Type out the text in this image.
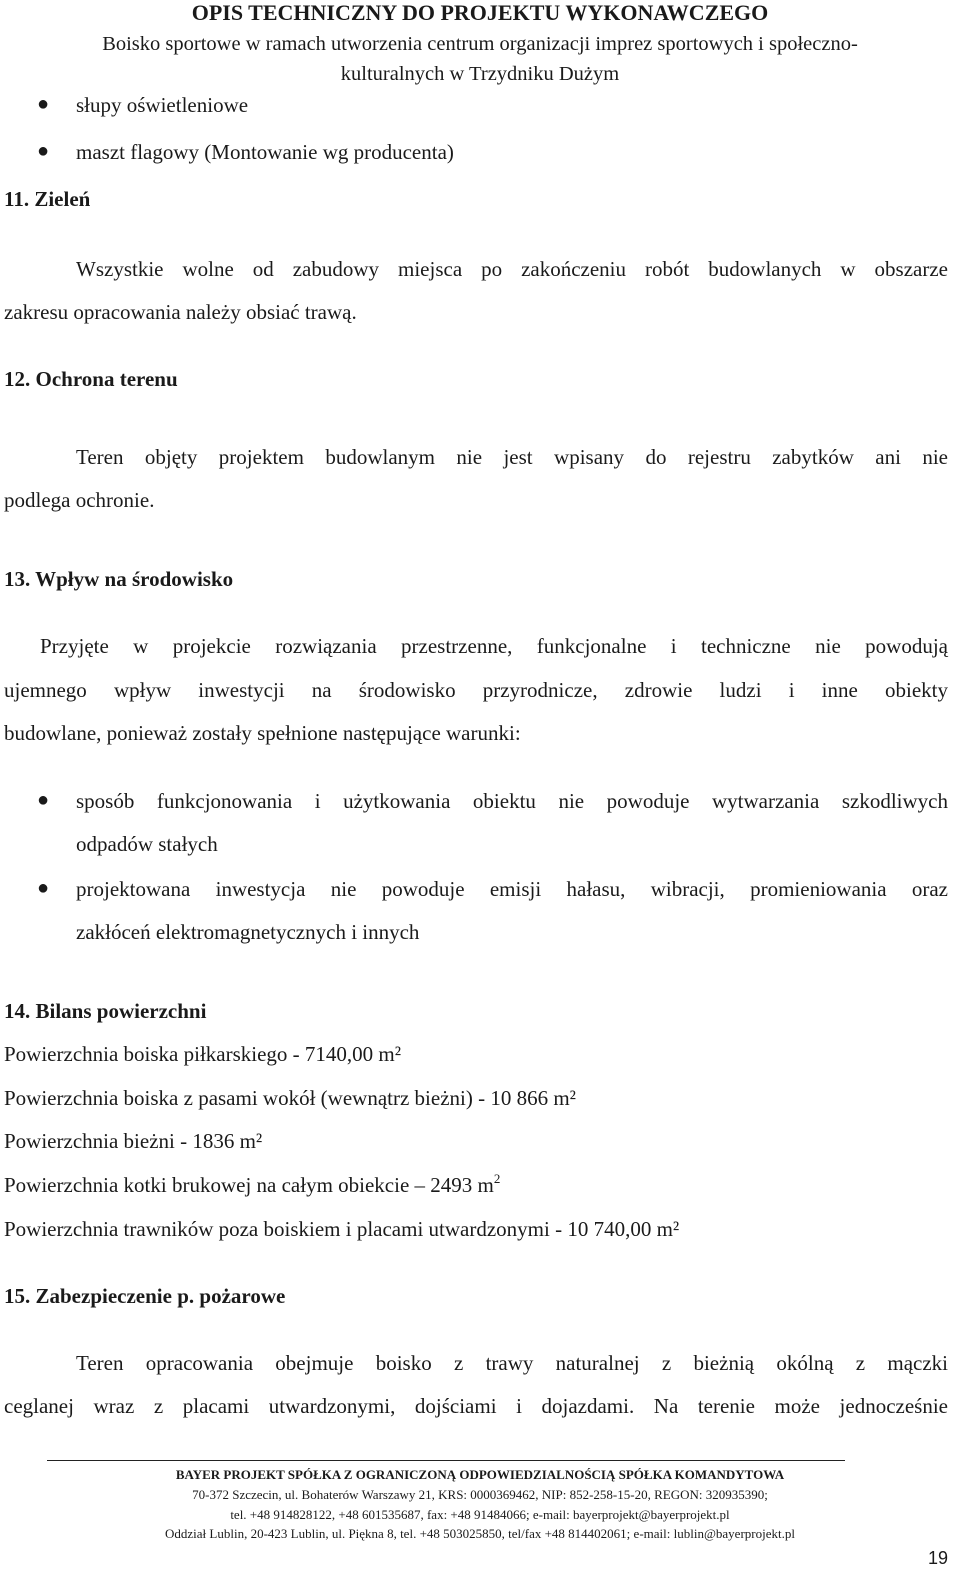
OPIS TECHNICZNY DO PROJEKTU WYKONAWCZEGO
Boisko sportowe w ramach utworzenia centrum organizacji imprez sportowych i społeczno-
kulturalnych w Trzydniku Dużym
● słupy oświetleniowe
● maszt flagowy (Montowanie wg producenta)
11. Zieleń
Wszystkie wolne od zabudowy miejsca po zakończeniu robót budowlanych w obszarze
zakresu opracowania należy obsiać trawą.
12. Ochrona terenu
Teren objęty projektem budowlanym nie jest wpisany do rejestru zabytków ani nie
podlega ochronie.
13. Wpływ na środowisko
Przyjęte w projekcie rozwiązania przestrzenne, funkcjonalne i techniczne nie powodują
ujemnego wpływ inwestycji na środowisko przyrodnicze, zdrowie ludzi i inne obiekty
budowlane, ponieważ zostały spełnione następujące warunki:
● sposób funkcjonowania i użytkowania obiektu nie powoduje wytwarzania szkodliwych
odpadów stałych
● projektowana inwestycja nie powoduje emisji hałasu, wibracji, promieniowania oraz
zakłóceń elektromagnetycznych i innych
14. Bilans powierzchni
Powierzchnia boiska piłkarskiego - 7140,00 m²
Powierzchnia boiska z pasami wokół (wewnątrz bieżni) - 10 866 m²
Powierzchnia bieżni - 1836 m²
Powierzchnia kotki brukowej na całym obiekcie – 2493 $m^2$
Powierzchnia trawników poza boiskiem i placami utwardzonymi - 10 740,00 m²
15. Zabezpieczenie p. pożarowe
Teren opracowania obejmuje boisko z trawy naturalnej z bieżnią okólną z mączki
ceglanej wraz z placami utwardzonymi, dojściami i dojazdami. Na terenie może jednocześnie
BAYER PROJEKT SPÓŁKA Z OGRANICZONĄ ODPOWIEDZIALNOŚCIĄ SPÓŁKA KOMANDYTOWA
70-372 Szczecin, ul. Bohaterów Warszawy 21, KRS: 0000369462, NIP: 852-258-15-20, REGON: 320935390;
tel. +48 914828122, +48 601535687, fax: +48 91484066; e-mail: bayerprojekt@bayerprojekt.pl
Oddział Lublin, 20-423 Lublin, ul. Piękna 8, tel. +48 503025850, tel/fax +48 814402061; e-mail: lublin@bayerprojekt.pl
19
